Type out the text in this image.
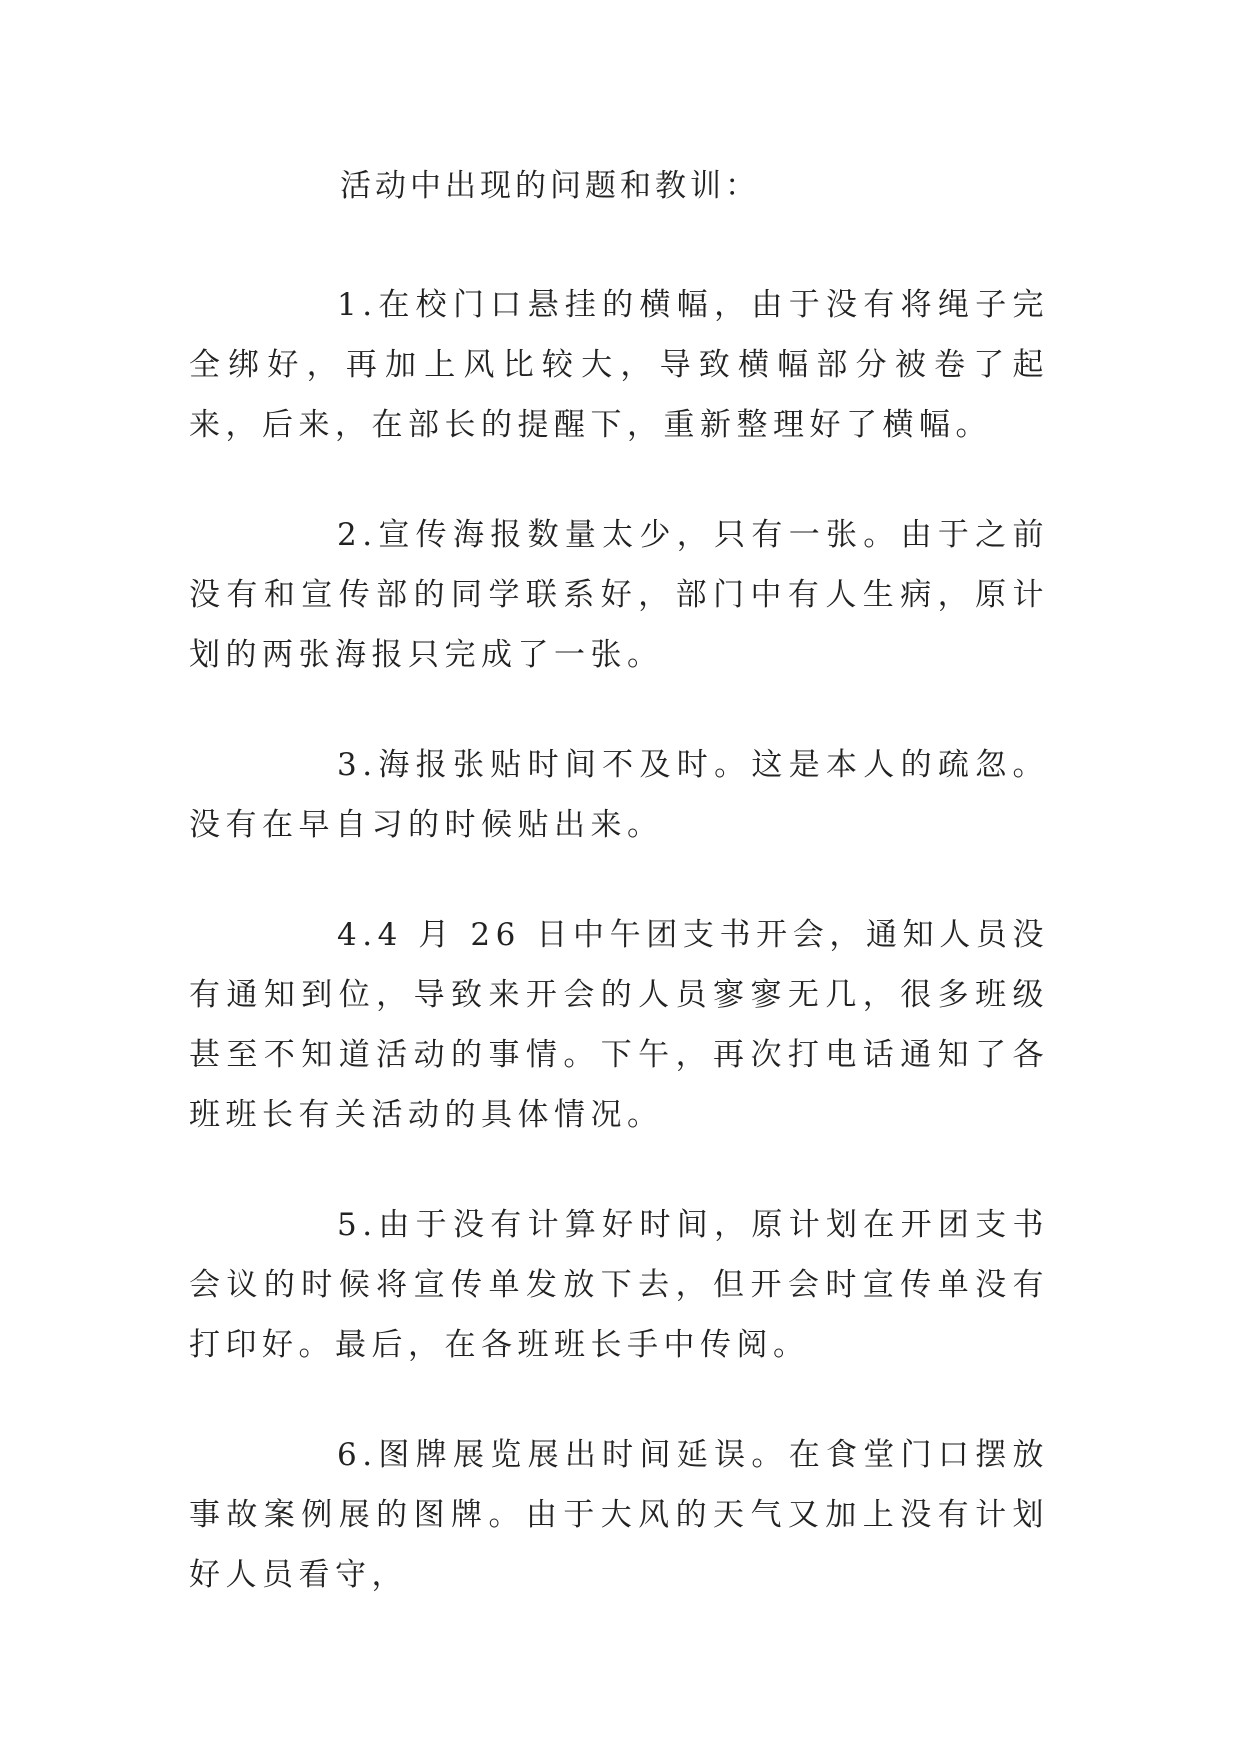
活动中出现的问题和教训：

1.在校门口悬挂的横幅，由于没有将绳子完全绑好，再加上风比较大，导致横幅部分被卷了起来，后来，在部长的提醒下，重新整理好了横幅。

2.宣传海报数量太少，只有一张。由于之前没有和宣传部的同学联系好，部门中有人生病，原计划的两张海报只完成了一张。

3.海报张贴时间不及时。这是本人的疏忽。没有在早自习的时候贴出来。

4.4 月 26 日中午团支书开会，通知人员没有通知到位，导致来开会的人员寥寥无几，很多班级甚至不知道活动的事情。下午，再次打电话通知了各班班长有关活动的具体情况。

5.由于没有计算好时间，原计划在开团支书会议的时候将宣传单发放下去，但开会时宣传单没有打印好。最后，在各班班长手中传阅。

6.图牌展览展出时间延误。在食堂门口摆放事故案例展的图牌。由于大风的天气又加上没有计划好人员看守，
